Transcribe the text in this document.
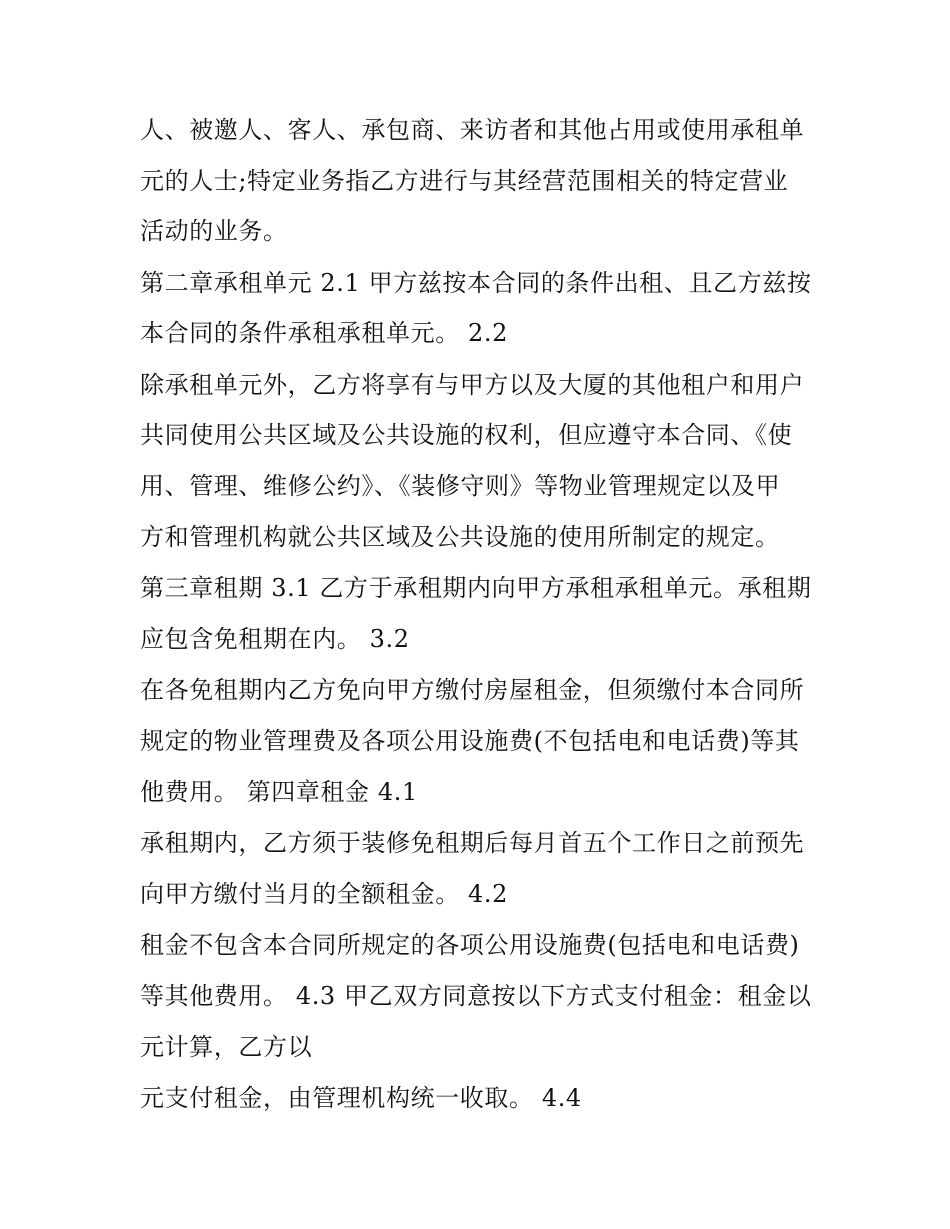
人、被邀人、客人、承包商、来访者和其他占用或使用承租单
元的人士;特定业务指乙方进行与其经营范围相关的特定营业
活动的业务。
第二章承租单元 2.1 甲方兹按本合同的条件出租、且乙方兹按
本合同的条件承租承租单元。 2.2
除承租单元外，乙方将享有与甲方以及大厦的其他租户和用户
共同使用公共区域及公共设施的权利，但应遵守本合同、《使
用、管理、维修公约》、《装修守则》等物业管理规定以及甲
方和管理机构就公共区域及公共设施的使用所制定的规定。
第三章租期 3.1 乙方于承租期内向甲方承租承租单元。承租期
应包含免租期在内。 3.2
在各免租期内乙方免向甲方缴付房屋租金，但须缴付本合同所
规定的物业管理费及各项公用设施费(不包括电和电话费)等其
他费用。 第四章租金 4.1
承租期内，乙方须于装修免租期后每月首五个工作日之前预先
向甲方缴付当月的全额租金。 4.2
租金不包含本合同所规定的各项公用设施费(包括电和电话费)
等其他费用。 4.3 甲乙双方同意按以下方式支付租金：租金以
元计算，乙方以
元支付租金，由管理机构统一收取。 4.4
